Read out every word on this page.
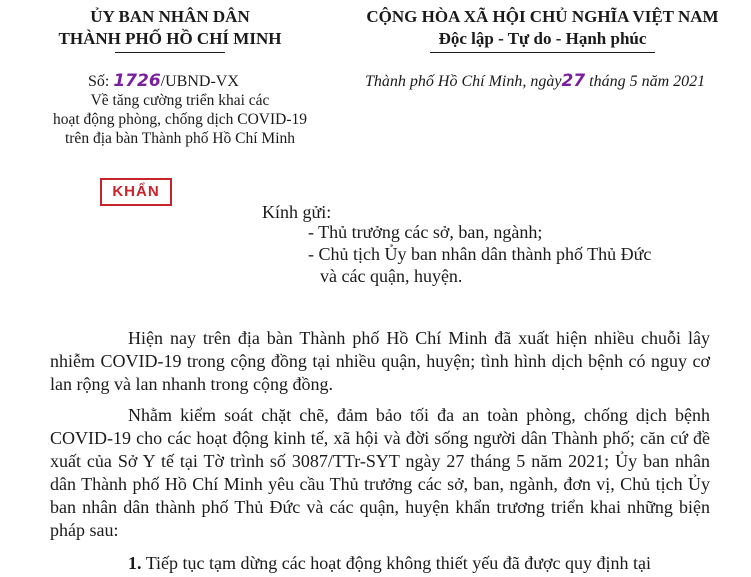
ỦY BAN NHÂN DÂN
THÀNH PHỐ HỒ CHÍ MINH
CỘNG HÒA XÃ HỘI CHỦ NGHĨA VIỆT NAM
Độc lập - Tự do - Hạnh phúc
Số: 1726/UBND-VX	Thành phố Hồ Chí Minh, ngày27 tháng 5 năm 2021
Về tăng cường triển khai các
hoạt động phòng, chống dịch COVID-19
trên địa bàn Thành phố Hồ Chí Minh
KHẨN
Kính gửi:
- Thủ trưởng các sở, ban, ngành;
- Chủ tịch Ủy ban nhân dân thành phố Thủ Đức
và các quận, huyện.

Hiện nay trên địa bàn Thành phố Hồ Chí Minh đã xuất hiện nhiều chuỗi lây nhiễm COVID-19 trong cộng đồng tại nhiều quận, huyện; tình hình dịch bệnh có nguy cơ lan rộng và lan nhanh trong cộng đồng.

Nhằm kiểm soát chặt chẽ, đảm bảo tối đa an toàn phòng, chống dịch bệnh COVID-19 cho các hoạt động kinh tế, xã hội và đời sống người dân Thành phố; căn cứ đề xuất của Sở Y tế tại Tờ trình số 3087/TTr-SYT ngày 27 tháng 5 năm 2021; Ủy ban nhân dân Thành phố Hồ Chí Minh yêu cầu Thủ trưởng các sở, ban, ngành, đơn vị, Chủ tịch Ủy ban nhân dân thành phố Thủ Đức và các quận, huyện khẩn trương triển khai những biện pháp sau:

1. Tiếp tục tạm dừng các hoạt động không thiết yếu đã được quy định tại
